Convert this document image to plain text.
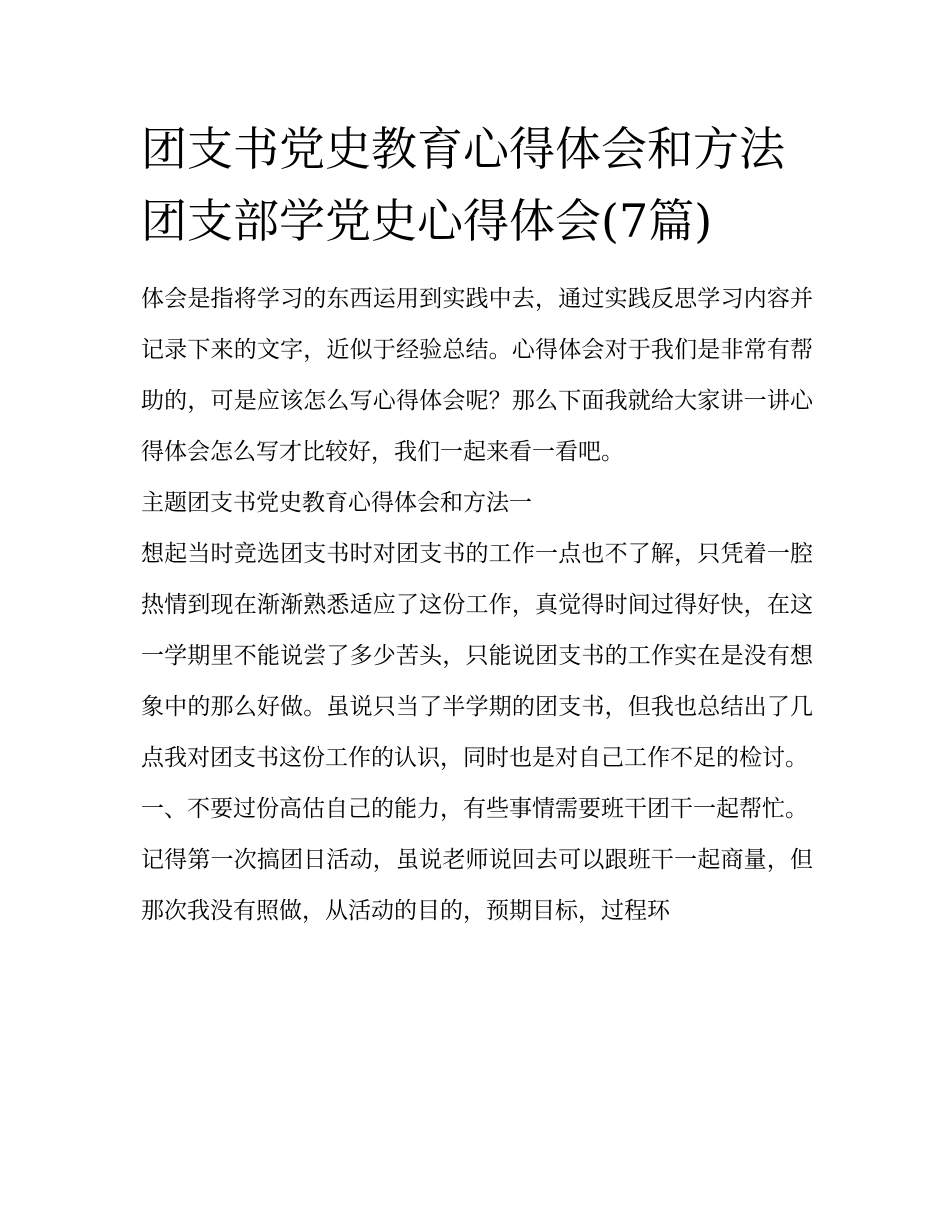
团支书党史教育心得体会和方法 团支部学党史心得体会(7篇)

体会是指将学习的东西运用到实践中去，通过实践反思学习内容并记录下来的文字，近似于经验总结。心得体会对于我们是非常有帮助的，可是应该怎么写心得体会呢？那么下面我就给大家讲一讲心得体会怎么写才比较好，我们一起来看一看吧。

主题团支书党史教育心得体会和方法一

想起当时竞选团支书时对团支书的工作一点也不了解，只凭着一腔热情到现在渐渐熟悉适应了这份工作，真觉得时间过得好快，在这一学期里不能说尝了多少苦头，只能说团支书的工作实在是没有想象中的那么好做。虽说只当了半学期的团支书，但我也总结出了几点我对团支书这份工作的认识，同时也是对自己工作不足的检讨。

一、不要过份高估自己的能力，有些事情需要班干团干一起帮忙。

记得第一次搞团日活动，虽说老师说回去可以跟班干一起商量，但那次我没有照做，从活动的目的，预期目标，过程环
